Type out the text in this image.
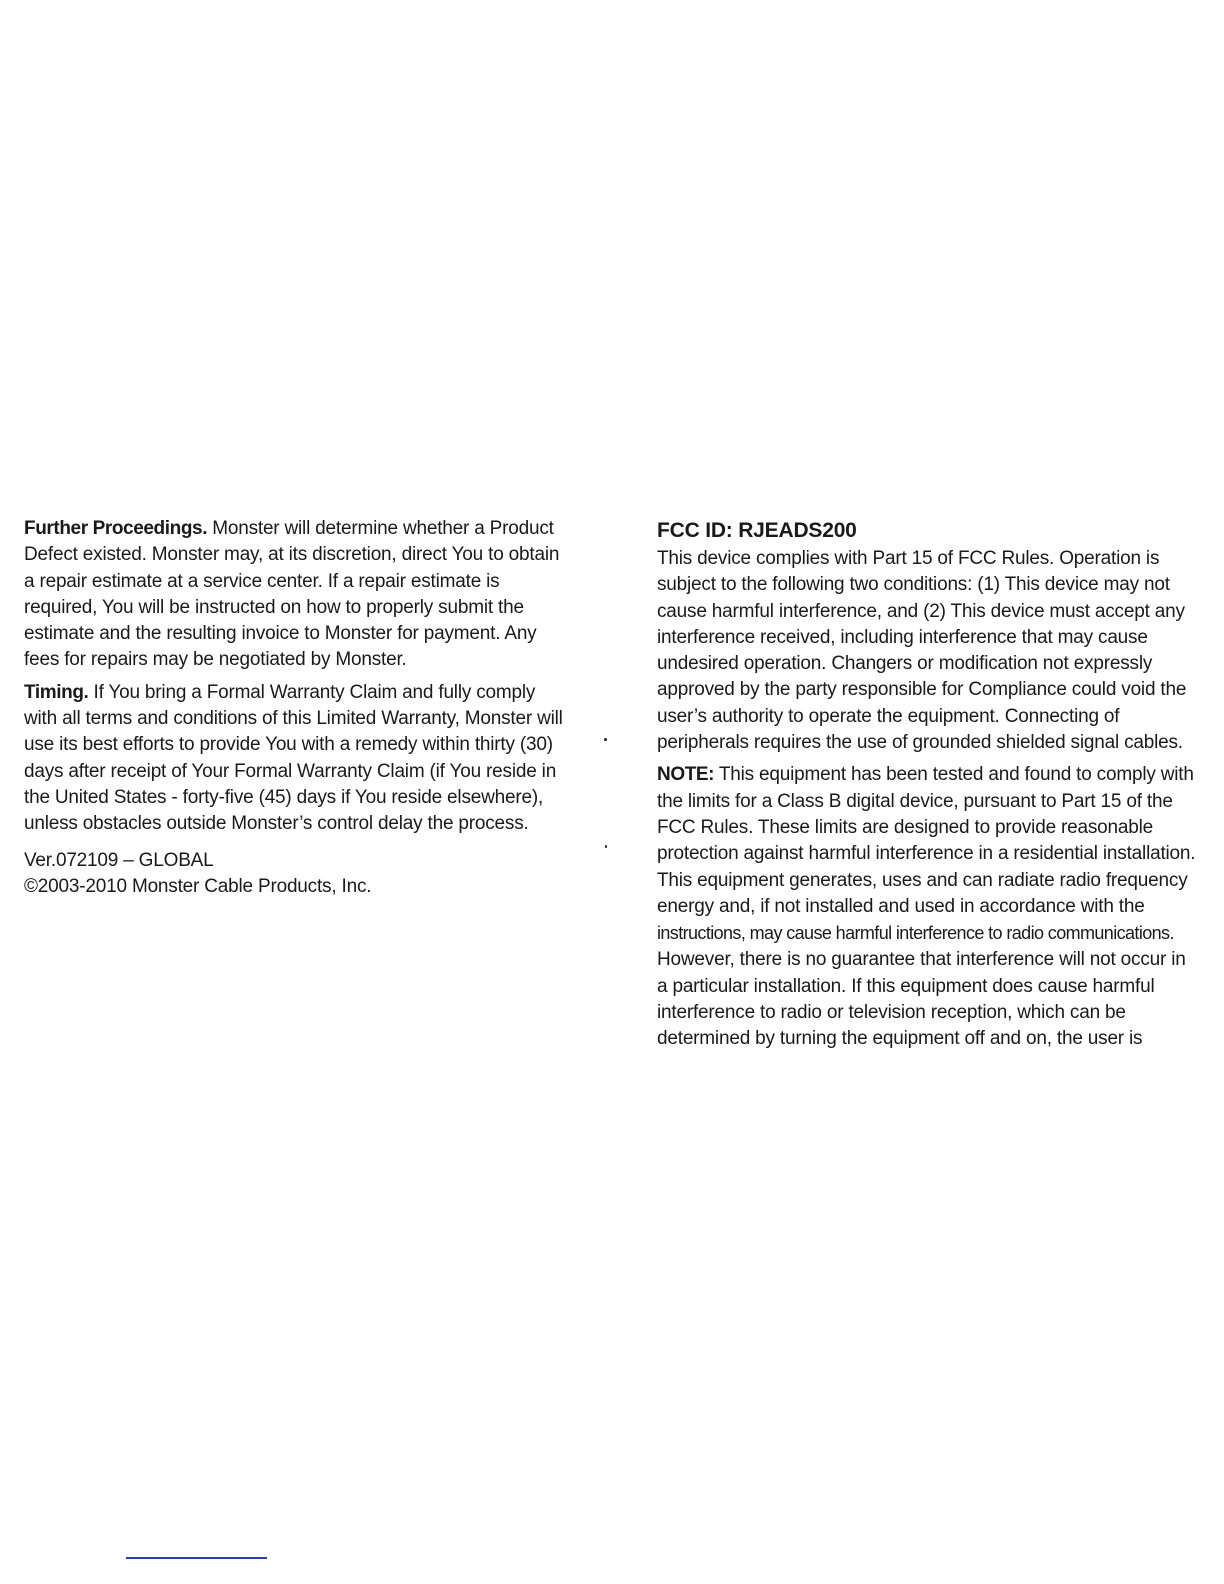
Further Proceedings. Monster will determine whether a Product Defect existed. Monster may, at its discretion, direct You to obtain a repair estimate at a service center. If a repair estimate is required, You will be instructed on how to properly submit the estimate and the resulting invoice to Monster for payment. Any fees for repairs may be negotiated by Monster.

Timing. If You bring a Formal Warranty Claim and fully comply with all terms and conditions of this Limited Warranty, Monster will use its best efforts to provide You with a remedy within thirty (30) days after receipt of Your Formal Warranty Claim (if You reside in the United States - forty-five (45) days if You reside elsewhere), unless obstacles outside Monster’s control delay the process.

Ver.072109 – GLOBAL

©2003-2010 Monster Cable Products, Inc.

FCC ID: RJEADS200

This device complies with Part 15 of FCC Rules. Operation is subject to the following two conditions: (1) This device may not cause harmful interference, and (2) This device must accept any interference received, including interference that may cause undesired operation. Changers or modification not expressly approved by the party responsible for Compliance could void the user’s authority to operate the equipment. Connecting of peripherals requires the use of grounded shielded signal cables.

NOTE: This equipment has been tested and found to comply with the limits for a Class B digital device, pursuant to Part 15 of the FCC Rules. These limits are designed to provide reasonable protection against harmful interference in a residential installation. This equipment generates, uses and can radiate radio frequency energy and, if not installed and used in accordance with the instructions, may cause harmful interference to radio communications. However, there is no guarantee that interference will not occur in a particular installation. If this equipment does cause harmful interference to radio or television reception, which can be determined by turning the equipment off and on, the user is
